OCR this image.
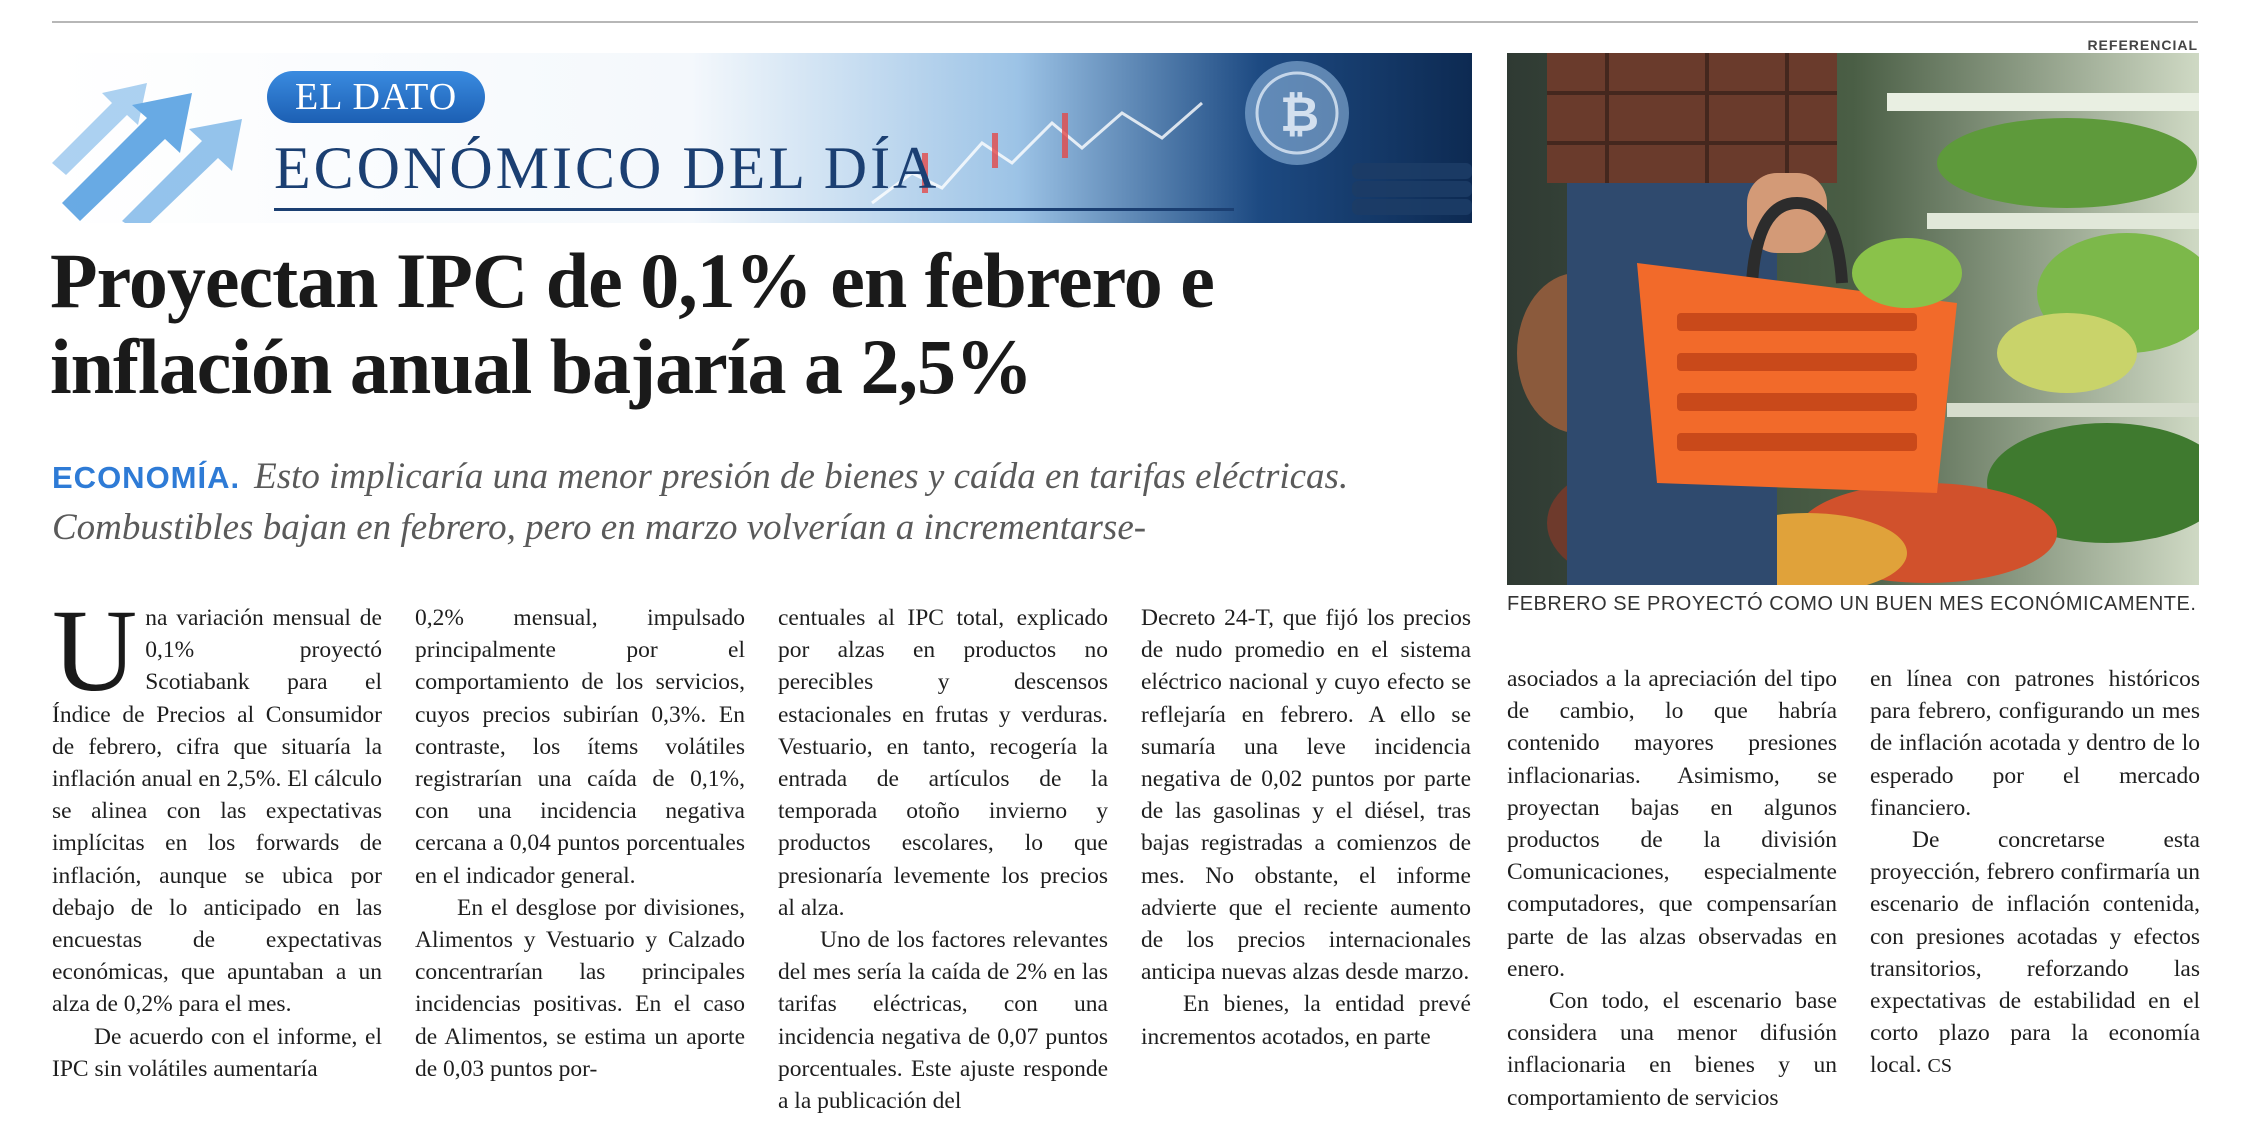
₿
EL DATO
ECONÓMICO DEL DÍA
Proyectan IPC de 0,1% en febrero e
inflación anual bajaría a 2,5%
ECONOMÍA. Esto implicaría una menor presión de bienes y caída en tarifas eléctricas. Combustibles bajan en febrero, pero en marzo volverían a incrementarse-
REFERENCIAL
FEBRERO SE PROYECTÓ COMO UN BUEN MES ECONÓMICAMENTE.

Una variación mensual de 0,1% proyectó Scotiabank para el Índice de Precios al Consumidor de febrero, cifra que situaría la inflación anual en 2,5%. El cálculo se alinea con las expectativas implícitas en los forwards de inflación, aunque se ubica por debajo de lo anticipado en las encuestas de expectativas económicas, que apuntaban a un alza de 0,2% para el mes.

De acuerdo con el informe, el IPC sin volátiles aumentaría

0,2% mensual, impulsado principalmente por el comportamiento de los servicios, cuyos precios subirían 0,3%. En contraste, los ítems volátiles registrarían una caída de 0,1%, con una incidencia negativa cercana a 0,04 puntos porcentuales en el indicador general.

En el desglose por divisiones, Alimentos y Vestuario y Calzado concentrarían las principales incidencias positivas. En el caso de Alimentos, se estima un aporte de 0,03 puntos por-

centuales al IPC total, explicado por alzas en productos no perecibles y descensos estacionales en frutas y verduras. Vestuario, en tanto, recogería la entrada de artículos de la temporada otoño invierno y productos escolares, lo que presionaría levemente los precios al alza.

Uno de los factores relevantes del mes sería la caída de 2% en las tarifas eléctricas, con una incidencia negativa de 0,07 puntos porcentuales. Este ajuste responde a la publicación del

Decreto 24-T, que fijó los precios de nudo promedio en el sistema eléctrico nacional y cuyo efecto se reflejaría en febrero. A ello se sumaría una leve incidencia negativa de 0,02 puntos por parte de las gasolinas y el diésel, tras bajas registradas a comienzos de mes. No obstante, el informe advierte que el reciente aumento de los precios internacionales anticipa nuevas alzas desde marzo.

En bienes, la entidad prevé incrementos acotados, en parte

asociados a la apreciación del tipo de cambio, lo que habría contenido mayores presiones inflacionarias. Asimismo, se proyectan bajas en algunos productos de la división Comunicaciones, especialmente computadores, que compensarían parte de las alzas observadas en enero.

Con todo, el escenario base considera una menor difusión inflacionaria en bienes y un comportamiento de servicios

en línea con patrones históricos para febrero, configurando un mes de inflación acotada y dentro de lo esperado por el mercado financiero.

De concretarse esta proyección, febrero confirmaría un escenario de inflación contenida, con presiones acotadas y efectos transitorios, reforzando las expectativas de estabilidad en el corto plazo para la economía local. CS
